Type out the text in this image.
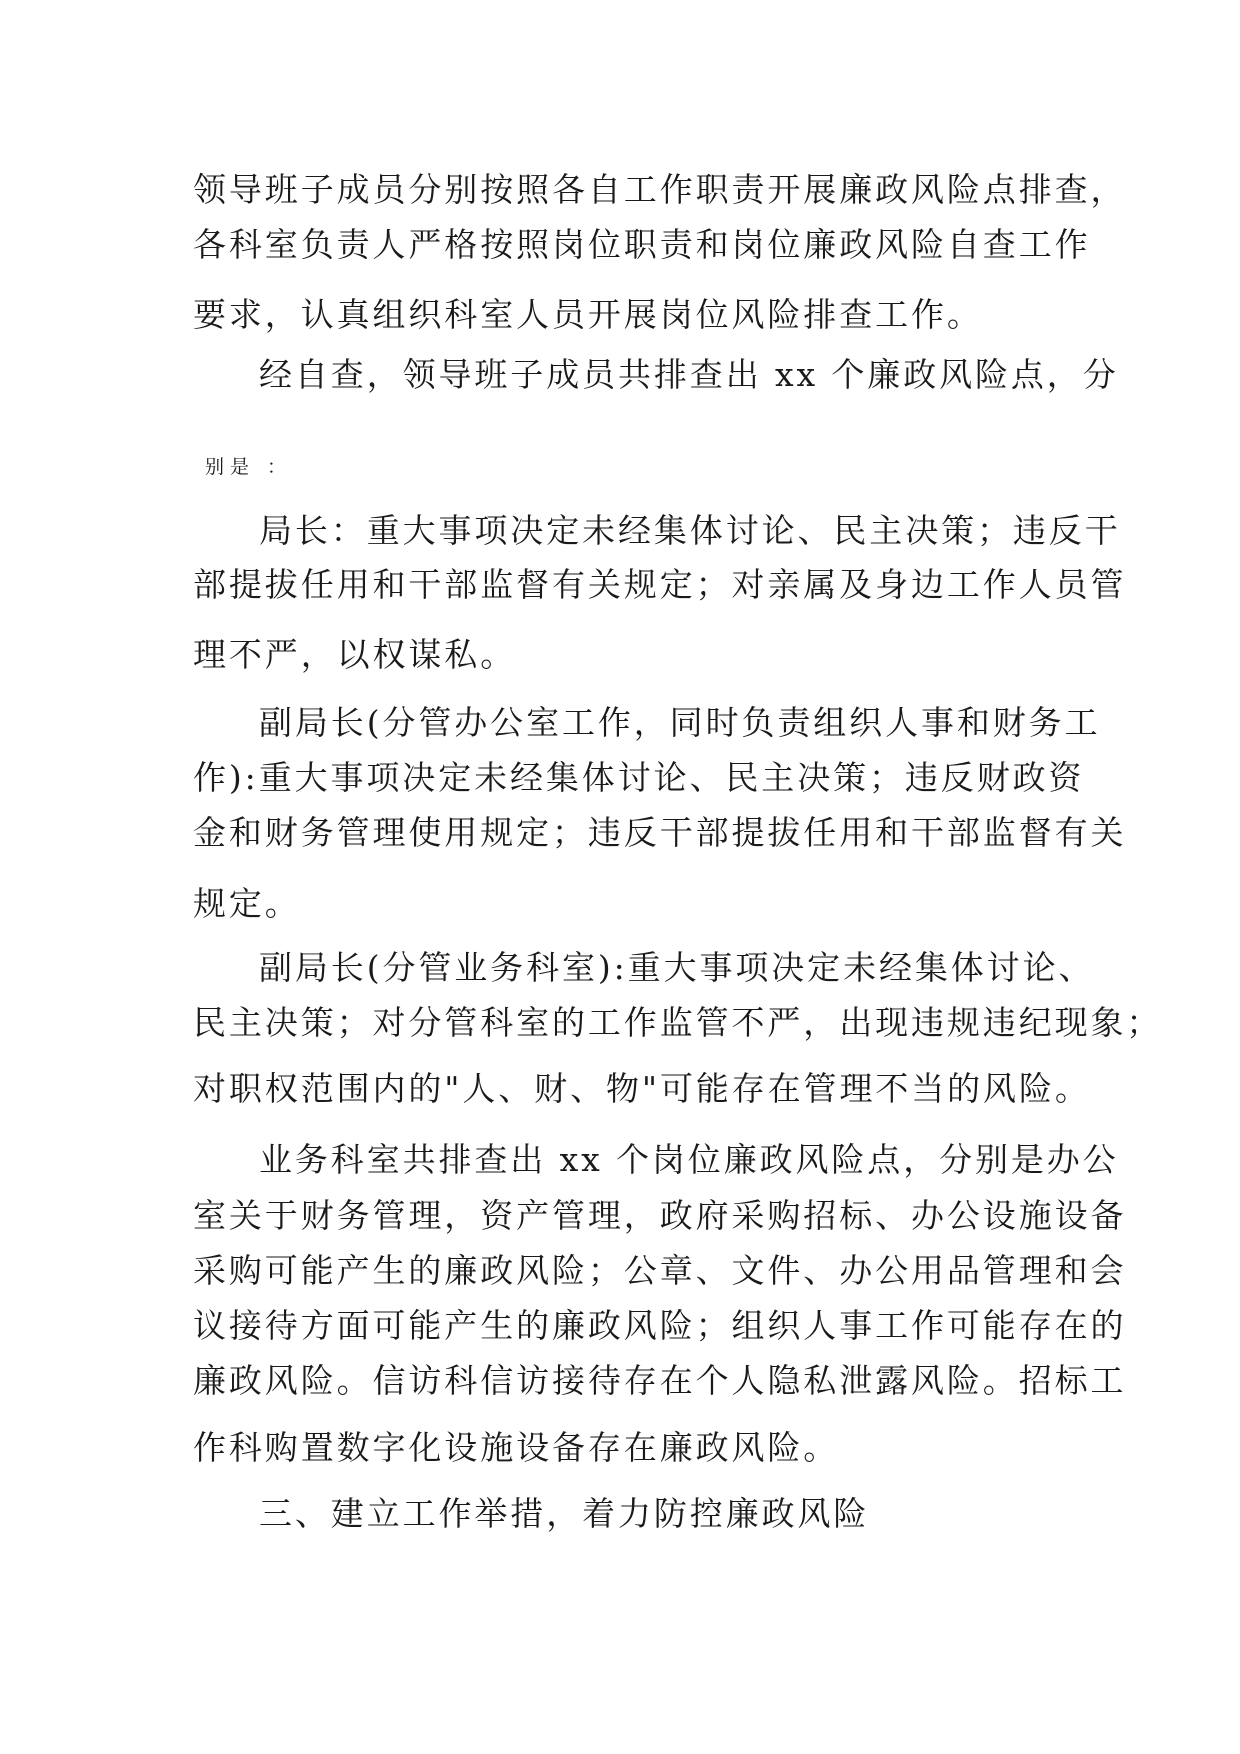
领导班子成员分别按照各自工作职责开展廉政风险点排查，
各科室负责人严格按照岗位职责和岗位廉政风险自查工作
要求，认真组织科室人员开展岗位风险排查工作。
经自查，领导班子成员共排查出 xx 个廉政风险点，分
别是 ：
局长：重大事项决定未经集体讨论、民主决策；违反干
部提拔任用和干部监督有关规定；对亲属及身边工作人员管
理不严，以权谋私。
副局长(分管办公室工作，同时负责组织人事和财务工
作):重大事项决定未经集体讨论、民主决策；违反财政资
金和财务管理使用规定；违反干部提拔任用和干部监督有关
规定。
副局长(分管业务科室):重大事项决定未经集体讨论、
民主决策；对分管科室的工作监管不严，出现违规违纪现象；
对职权范围内的"人、财、物"可能存在管理不当的风险。
业务科室共排查出 xx 个岗位廉政风险点，分别是办公
室关于财务管理，资产管理，政府采购招标、办公设施设备
采购可能产生的廉政风险；公章、文件、办公用品管理和会
议接待方面可能产生的廉政风险；组织人事工作可能存在的
廉政风险。信访科信访接待存在个人隐私泄露风险。招标工
作科购置数字化设施设备存在廉政风险。
三、建立工作举措，着力防控廉政风险
